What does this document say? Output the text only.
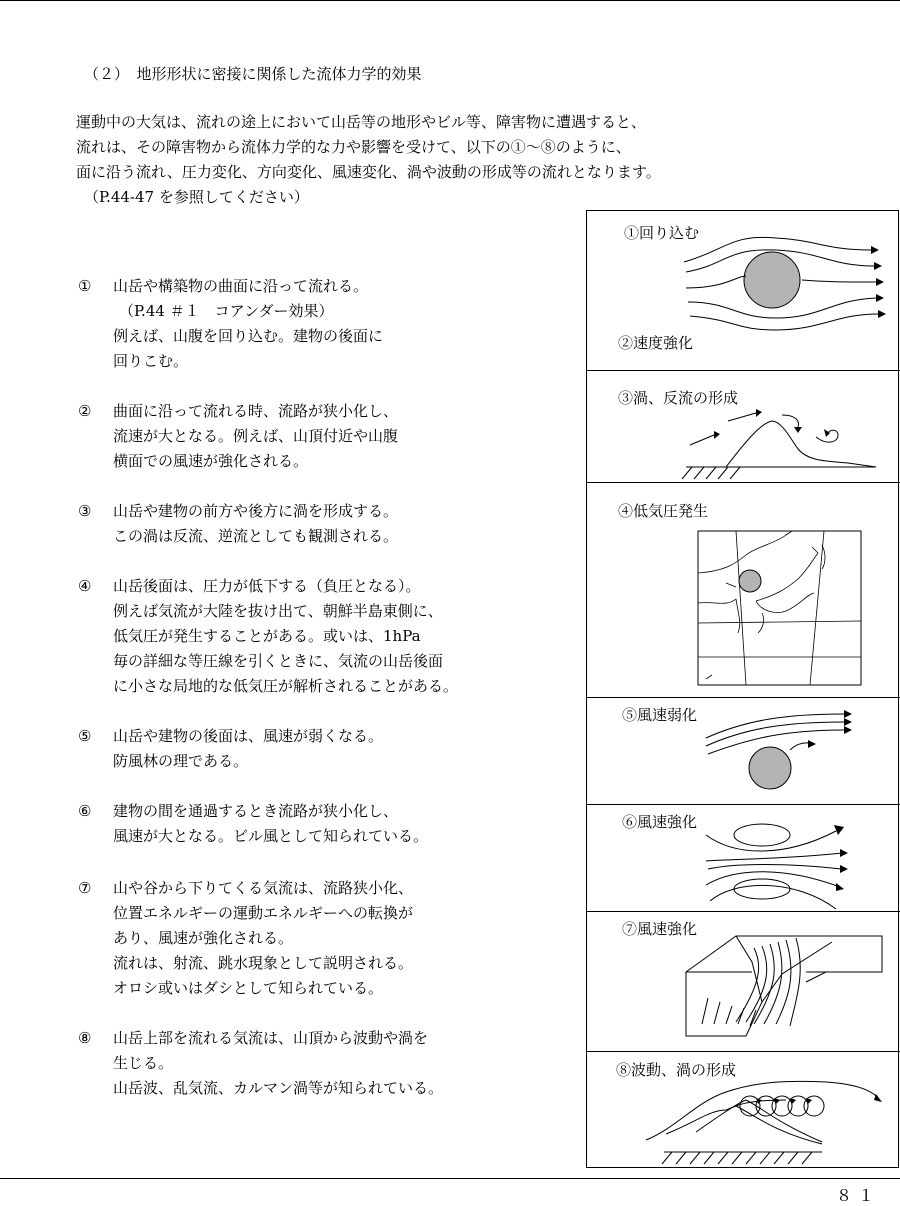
（２）　地形形状に密接に関係した流体力学的効果
運動中の大気は、流れの途上において山岳等の地形やビル等、障害物に遭遇すると、
流れは、その障害物から流体力学的な力や影響を受けて、以下の①～⑧のように、
面に沿う流れ、圧力変化、方向変化、風速変化、渦や波動の形成等の流れとなります。
（P.44-47 を参照してください）
① 山岳や構築物の曲面に沿って流れる。
（P.44 ＃１　コアンダー効果）
例えば、山腹を回り込む。建物の後面に
回りこむ。
② 曲面に沿って流れる時、流路が狭小化し、
流速が大となる。例えば、山頂付近や山腹
横面での風速が強化される。
③ 山岳や建物の前方や後方に渦を形成する。
この渦は反流、逆流としても観測される。
④ 山岳後面は、圧力が低下する（負圧となる）。
例えば気流が大陸を抜け出て、朝鮮半島東側に、
低気圧が発生することがある。或いは、1hPa
毎の詳細な等圧線を引くときに、気流の山岳後面
に小さな局地的な低気圧が解析されることがある。
⑤ 山岳や建物の後面は、風速が弱くなる。
防風林の理である。
⑥ 建物の間を通過するとき流路が狭小化し、
風速が大となる。ビル風として知られている。
⑦ 山や谷から下りてくる気流は、流路狭小化、
位置エネルギーの運動エネルギーへの転換が
あり、風速が強化される。
流れは、射流、跳水現象として説明される。
オロシ或いはダシとして知られている。
⑧ 山岳上部を流れる気流は、山頂から波動や渦を
生じる。
山岳波、乱気流、カルマン渦等が知られている。
①回り込む
②速度強化
③渦、反流の形成
④低気圧発生
⑤風速弱化
⑥風速強化
⑦風速強化
⑧波動、渦の形成
８１
